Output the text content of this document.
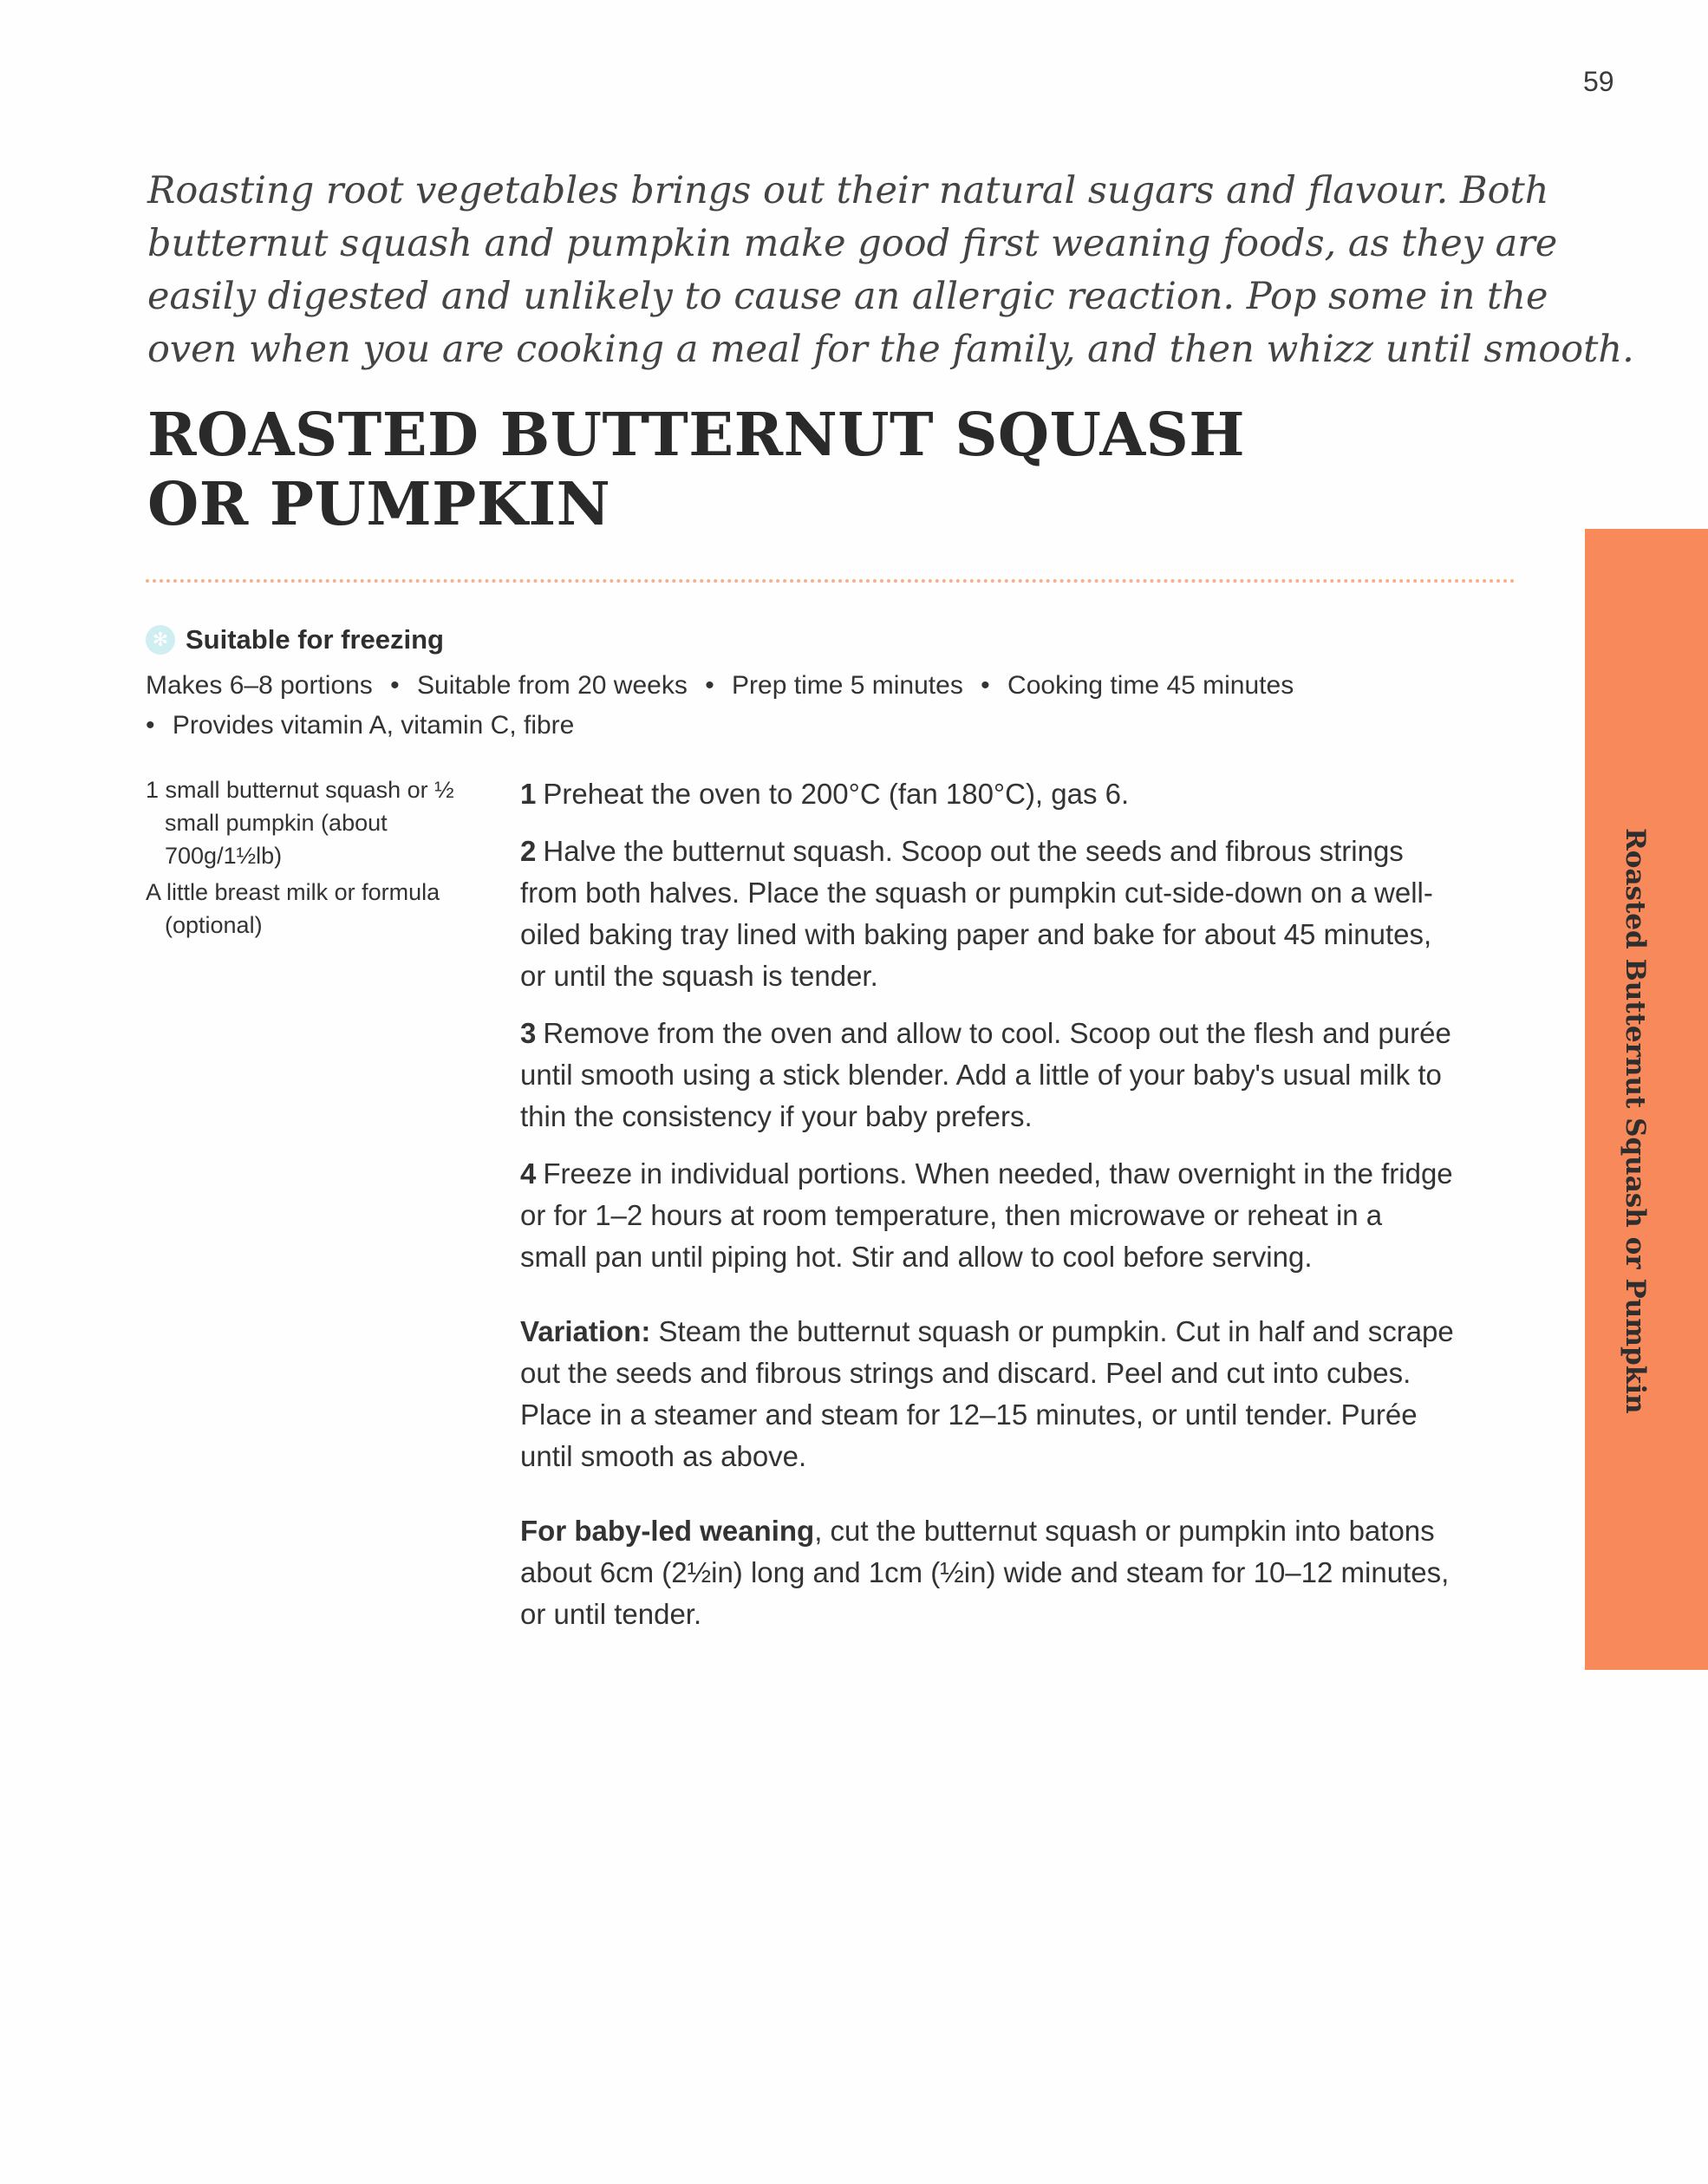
59
Roasting root vegetables brings out their natural sugars and flavour. Both
butternut squash and pumpkin make good first weaning foods, as they are
easily digested and unlikely to cause an allergic reaction. Pop some in the
oven when you are cooking a meal for the family, and then whizz until smooth.
ROASTED BUTTERNUT SQUASH
OR PUMPKIN
✻ Suitable for freezing
Makes 6–8 portions • Suitable from 20 weeks • Prep time 5 minutes • Cooking time 45 minutes
• Provides vitamin A, vitamin C, fibre
1 small butternut squash or ½ small pumpkin (about 700g/1½lb)
A little breast milk or formula (optional)

1 Preheat the oven to 200°C (fan 180°C), gas 6.

2 Halve the butternut squash. Scoop out the seeds and fibrous strings from both halves. Place the squash or pumpkin cut-side-down on a well-oiled baking tray lined with baking paper and bake for about 45 minutes, or until the squash is tender.

3 Remove from the oven and allow to cool. Scoop out the flesh and purée until smooth using a stick blender. Add a little of your baby's usual milk to thin the consistency if your baby prefers.

4 Freeze in individual portions. When needed, thaw overnight in the fridge or for 1–2 hours at room temperature, then microwave or reheat in a small pan until piping hot. Stir and allow to cool before serving.

Variation: Steam the butternut squash or pumpkin. Cut in half and scrape out the seeds and fibrous strings and discard. Peel and cut into cubes. Place in a steamer and steam for 12–15 minutes, or until tender. Purée until smooth as above.

For baby-led weaning, cut the butternut squash or pumpkin into batons about 6cm (2½in) long and 1cm (½in) wide and steam for 10–12 minutes, or until tender.

Roasted Butternut Squash or Pumpkin
